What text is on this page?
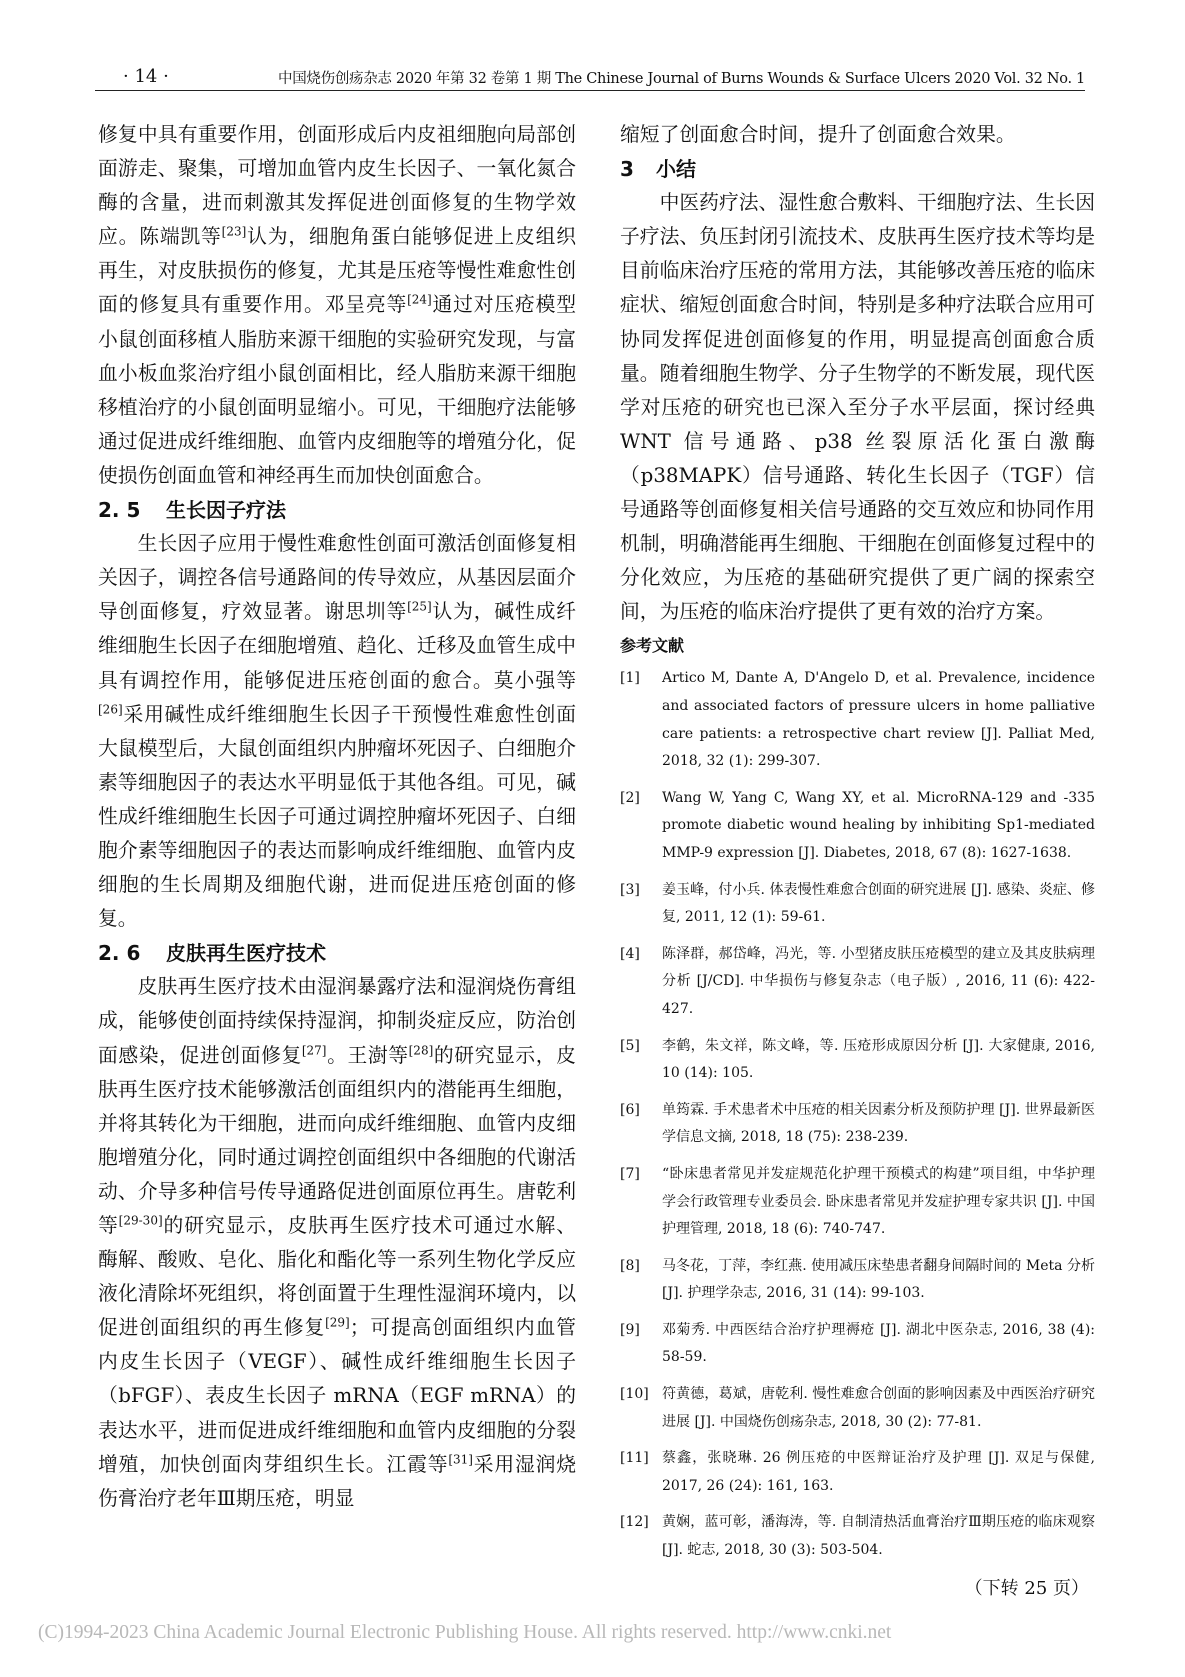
· 14 ·	中国烧伤创疡杂志 2020 年第 32 卷第 1 期 The Chinese Journal of Burns Wounds & Surface Ulcers 2020 Vol. 32 No. 1

修复中具有重要作用，创面形成后内皮祖细胞向局部创面游走、聚集，可增加血管内皮生长因子、一氧化氮合酶的含量，进而刺激其发挥促进创面修复的生物学效应。陈端凯等[23]认为，细胞角蛋白能够促进上皮组织再生，对皮肤损伤的修复，尤其是压疮等慢性难愈性创面的修复具有重要作用。邓呈亮等[24]通过对压疮模型小鼠创面移植人脂肪来源干细胞的实验研究发现，与富血小板血浆治疗组小鼠创面相比，经人脂肪来源干细胞移植治疗的小鼠创面明显缩小。可见，干细胞疗法能够通过促进成纤维细胞、血管内皮细胞等的增殖分化，促使损伤创面血管和神经再生而加快创面愈合。

2. 5 生长因子疗法

生长因子应用于慢性难愈性创面可激活创面修复相关因子，调控各信号通路间的传导效应，从基因层面介导创面修复，疗效显著。谢思圳等[25]认为，碱性成纤维细胞生长因子在细胞增殖、趋化、迁移及血管生成中具有调控作用，能够促进压疮创面的愈合。莫小强等[26]采用碱性成纤维细胞生长因子干预慢性难愈性创面大鼠模型后，大鼠创面组织内肿瘤坏死因子、白细胞介素等细胞因子的表达水平明显低于其他各组。可见，碱性成纤维细胞生长因子可通过调控肿瘤坏死因子、白细胞介素等细胞因子的表达而影响成纤维细胞、血管内皮细胞的生长周期及细胞代谢，进而促进压疮创面的修复。

2. 6 皮肤再生医疗技术

皮肤再生医疗技术由湿润暴露疗法和湿润烧伤膏组成，能够使创面持续保持湿润，抑制炎症反应，防治创面感染，促进创面修复[27]。王澍等[28]的研究显示，皮肤再生医疗技术能够激活创面组织内的潜能再生细胞，并将其转化为干细胞，进而向成纤维细胞、血管内皮细胞增殖分化，同时通过调控创面组织中各细胞的代谢活动、介导多种信号传导通路促进创面原位再生。唐乾利等[29-30]的研究显示，皮肤再生医疗技术可通过水解、酶解、酸败、皂化、脂化和酯化等一系列生物化学反应液化清除坏死组织，将创面置于生理性湿润环境内，以促进创面组织的再生修复[29]；可提高创面组织内血管内皮生长因子（VEGF）、碱性成纤维细胞生长因子（bFGF）、表皮生长因子 mRNA（EGF mRNA）的表达水平，进而促进成纤维细胞和血管内皮细胞的分裂增殖，加快创面肉芽组织生长。江霞等[31]采用湿润烧伤膏治疗老年Ⅲ期压疮，明显

缩短了创面愈合时间，提升了创面愈合效果。

3 小结

中医药疗法、湿性愈合敷料、干细胞疗法、生长因子疗法、负压封闭引流技术、皮肤再生医疗技术等均是目前临床治疗压疮的常用方法，其能够改善压疮的临床症状、缩短创面愈合时间，特别是多种疗法联合应用可协同发挥促进创面修复的作用，明显提高创面愈合质量。随着细胞生物学、分子生物学的不断发展，现代医学对压疮的研究也已深入至分子水平层面，探讨经典 WNT 信号通路、p38 丝裂原活化蛋白激酶（p38MAPK）信号通路、转化生长因子（TGF）信号通路等创面修复相关信号通路的交互效应和协同作用机制，明确潜能再生细胞、干细胞在创面修复过程中的分化效应，为压疮的基础研究提供了更广阔的探索空间，为压疮的临床治疗提供了更有效的治疗方案。

参考文献

[1] Artico M, Dante A, D'Angelo D, et al. Prevalence, incidence and associated factors of pressure ulcers in home palliative care patients: a retrospective chart review [J]. Palliat Med, 2018, 32 (1): 299-307.

[2] Wang W, Yang C, Wang XY, et al. MicroRNA-129 and -335 promote diabetic wound healing by inhibiting Sp1-mediated MMP-9 expression [J]. Diabetes, 2018, 67 (8): 1627-1638.

[3] 姜玉峰，付小兵. 体表慢性难愈合创面的研究进展 [J]. 感染、炎症、修复, 2011, 12 (1): 59-61.

[4] 陈泽群，郝岱峰，冯光，等. 小型猪皮肤压疮模型的建立及其皮肤病理分析 [J/CD]. 中华损伤与修复杂志（电子版）, 2016, 11 (6): 422-427.

[5] 李鹤，朱文祥，陈文峰，等. 压疮形成原因分析 [J]. 大家健康, 2016, 10 (14): 105.

[6] 单筠霖. 手术患者术中压疮的相关因素分析及预防护理 [J]. 世界最新医学信息文摘, 2018, 18 (75): 238-239.

[7] “卧床患者常见并发症规范化护理干预模式的构建”项目组，中华护理学会行政管理专业委员会. 卧床患者常见并发症护理专家共识 [J]. 中国护理管理, 2018, 18 (6): 740-747.

[8] 马冬花，丁萍，李红燕. 使用减压床垫患者翻身间隔时间的 Meta 分析 [J]. 护理学杂志, 2016, 31 (14): 99-103.

[9] 邓菊秀. 中西医结合治疗护理褥疮 [J]. 湖北中医杂志, 2016, 38 (4): 58-59.

[10] 符黄德，葛斌，唐乾利. 慢性难愈合创面的影响因素及中西医治疗研究进展 [J]. 中国烧伤创疡杂志, 2018, 30 (2): 77-81.

[11] 蔡鑫，张晓琳. 26 例压疮的中医辩证治疗及护理 [J]. 双足与保健, 2017, 26 (24): 161, 163.

[12] 黄娴，蓝可彰，潘海涛，等. 自制清热活血膏治疗Ⅲ期压疮的临床观察 [J]. 蛇志, 2018, 30 (3): 503-504.

（下转 25 页）
(C)1994-2023 China Academic Journal Electronic Publishing House. All rights reserved. http://www.cnki.net
